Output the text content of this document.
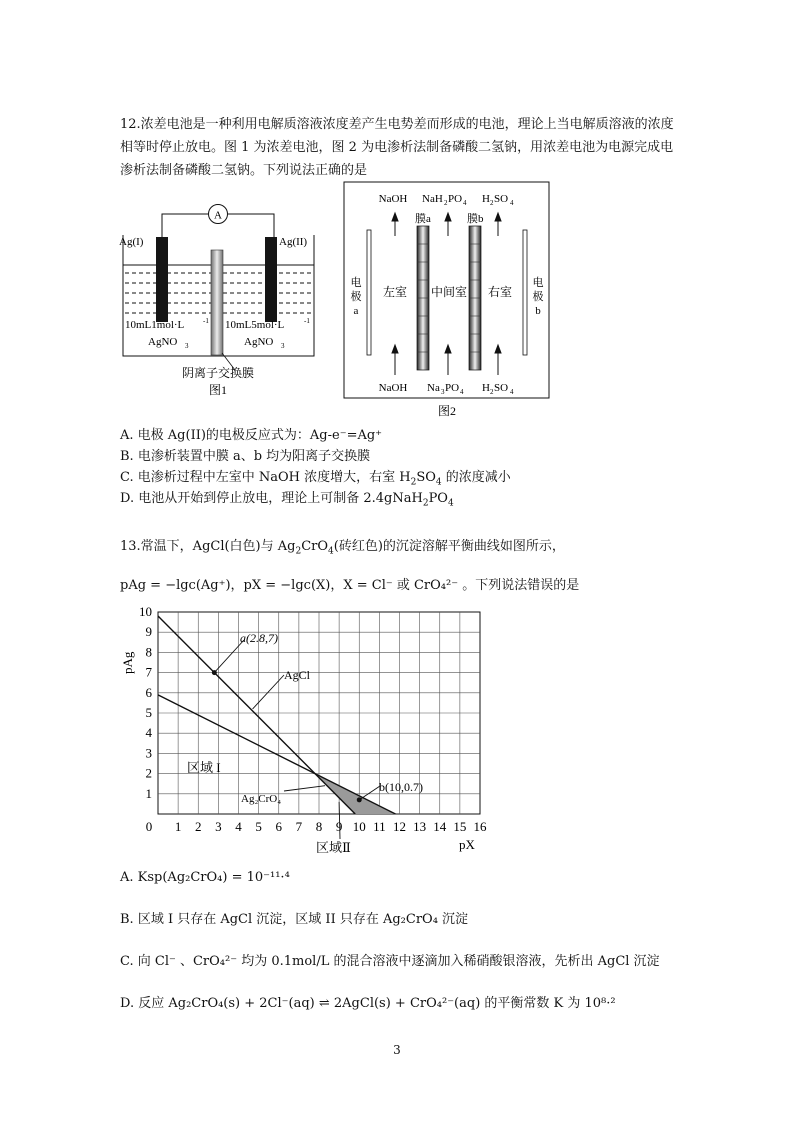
12.浓差电池是一种利用电解质溶液浓度差产生电势差而形成的电池，理论上当电解质溶液的浓度相等时停止放电。图 1 为浓差电池，图 2 为电渗析法制备磷酸二氢钠，用浓差电池为电源完成电渗析法制备磷酸二氢钠。下列说法正确的是
A
Ag(I)	Ag(II)
10mL1mol·L	-1
AgNO 3
10mL5mol·L	-1
AgNO 3
阴离子交换膜
图1
NaOH NaH 2 PO 4 H 2 SO 4
膜a	膜b
电
极
a
电
极
b
左室 中间室 右室
NaOH Na 3 PO 4 H 2 SO 4
图2
A. 电极 Ag(II)的电极反应式为：Ag-e⁻=Ag⁺
B. 电渗析装置中膜 a、b 均为阳离子交换膜
C. 电渗析过程中左室中 NaOH 浓度增大，右室 $H_2SO_4$ 的浓度减小
D. 电池从开始到停止放电，理论上可制备 $2.4gNaH_2PO_4$
13.常温下，AgCl(白色)与 $Ag_2CrO_4$(砖红色)的沉淀溶解平衡曲线如图所示，
pAg = −lgc(Ag⁺)，pX = −lgc(X)，X = Cl⁻ 或 CrO₄²⁻ 。下列说法错误的是
0 1 2 3 4 5 6 7 8 9 10 11 12 13 14 15 16
1
2
3
4
5
6
7
8
9
10
pAg
pX
a(2.8,7)
b(10,0.7)
AgCl
Ag₂CrO₄
区域 I
区域Ⅱ
A. Ksp(Ag₂CrO₄) = 10⁻¹¹·⁴
B. 区域 I 只存在 AgCl 沉淀，区域 II 只存在 Ag₂CrO₄ 沉淀
C. 向 Cl⁻ 、CrO₄²⁻ 均为 0.1mol/L 的混合溶液中逐滴加入稀硝酸银溶液，先析出 AgCl 沉淀
D. 反应 Ag₂CrO₄(s) + 2Cl⁻(aq) ⇌ 2AgCl(s) + CrO₄²⁻(aq) 的平衡常数 K 为 10⁸·²
3
